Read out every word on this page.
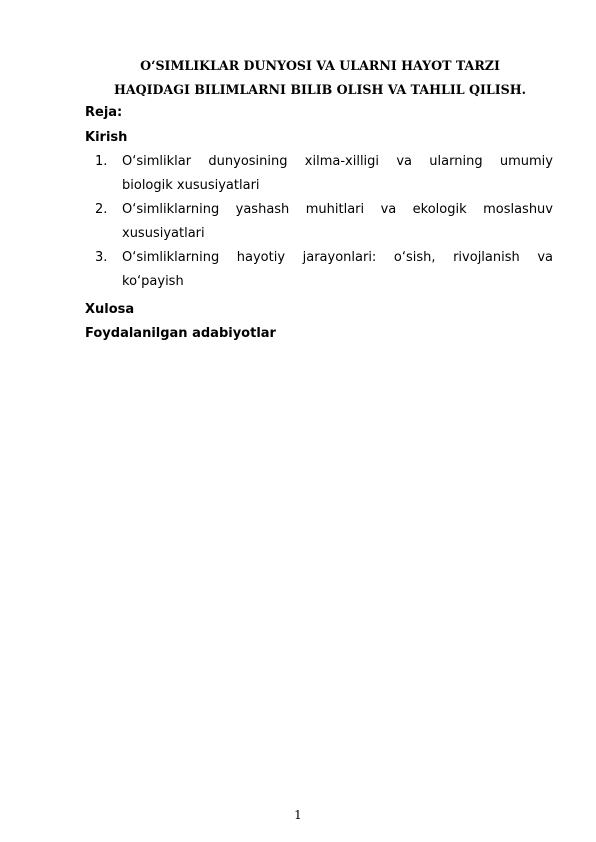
O‘SIMLIKLAR DUNYOSI VA ULARNI HAYOT TARZI
HAQIDAGI BILIMLARNI BILIB OLISH VA TAHLIL QILISH.

Reja:

Kirish

1. O‘simliklar dunyosining xilma-xilligi va ularning umumiy
biologik xususiyatlari
2. O‘simliklarning yashash muhitlari va ekologik moslashuv
xususiyatlari
3. O‘simliklarning hayotiy jarayonlari: o‘sish, rivojlanish va
ko‘payish

Xulosa

Foydalanilgan adabiyotlar

1
